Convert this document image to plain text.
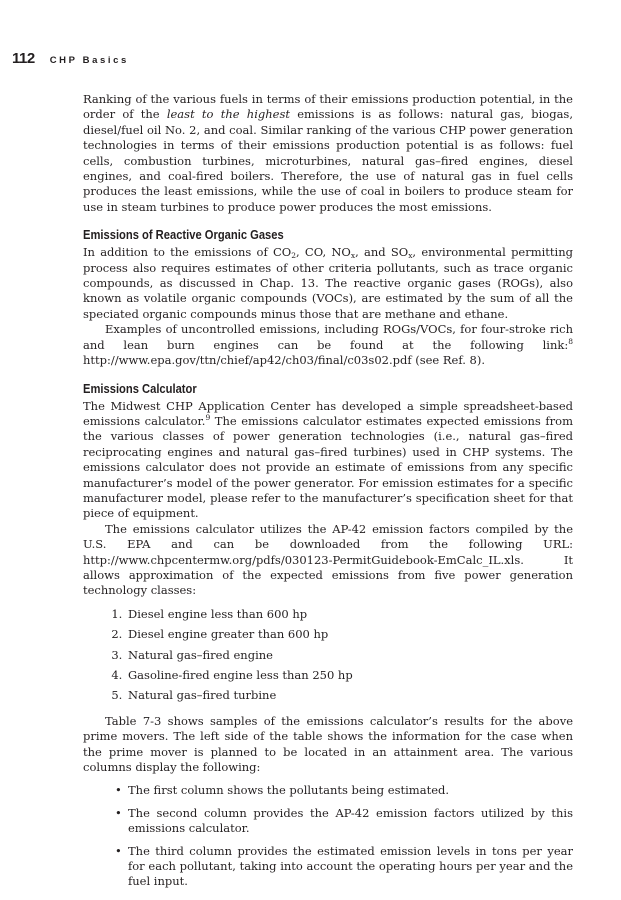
112 CHP Basics

Ranking of the various fuels in terms of their emissions production potential, in the order of the least to the highest emissions is as follows: natural gas, biogas, diesel/fuel oil No. 2, and coal. Similar ranking of the various CHP power generation technologies in terms of their emissions production potential is as follows: fuel cells, combustion turbines, microturbines, natural gas–fired engines, diesel engines, and coal-fired boilers. Therefore, the use of natural gas in fuel cells produces the least emissions, while the use of coal in boilers to produce steam for use in steam turbines to produce power produces the most emissions.

Emissions of Reactive Organic Gases

In addition to the emissions of $CO_2$, CO, $NO_x$, and $SO_x$, environmental permitting process also requires estimates of other criteria pollutants, such as trace organic compounds, as discussed in Chap. 13. The reactive organic gases (ROGs), also known as volatile organic compounds (VOCs), are estimated by the sum of all the speciated organic compounds minus those that are methane and ethane.

Examples of uncontrolled emissions, including ROGs/VOCs, for four-stroke rich and lean burn engines can be found at the following link:$^8$ http://www.epa.gov/ttn/chief/ap42/ch03/final/c03s02.pdf (see Ref. 8).

Emissions Calculator

The Midwest CHP Application Center has developed a simple spreadsheet-based emissions calculator.$^9$ The emissions calculator estimates expected emissions from the various classes of power generation technologies (i.e., natural gas–fired reciprocating engines and natural gas–fired turbines) used in CHP systems. The emissions calculator does not provide an estimate of emissions from any specific manufacturer’s model of the power generator. For emission estimates for a specific manufacturer model, please refer to the manufacturer’s specification sheet for that piece of equipment.

The emissions calculator utilizes the AP-42 emission factors compiled by the U.S. EPA and can be downloaded from the following URL: http://www.chpcentermw.org/pdfs/030123-PermitGuidebook-EmCalc_IL.xls. It allows approximation of the expected emissions from five power generation technology classes:

1. Diesel engine less than 600 hp
2. Diesel engine greater than 600 hp
3. Natural gas–fired engine
4. Gasoline-fired engine less than 250 hp
5. Natural gas–fired turbine

Table 7-3 shows samples of the emissions calculator’s results for the above prime movers. The left side of the table shows the information for the case when the prime mover is planned to be located in an attainment area. The various columns display the following:

• The first column shows the pollutants being estimated.
• The second column provides the AP-42 emission factors utilized by this emissions calculator.
• The third column provides the estimated emission levels in tons per year for each pollutant, taking into account the operating hours per year and the fuel input.
